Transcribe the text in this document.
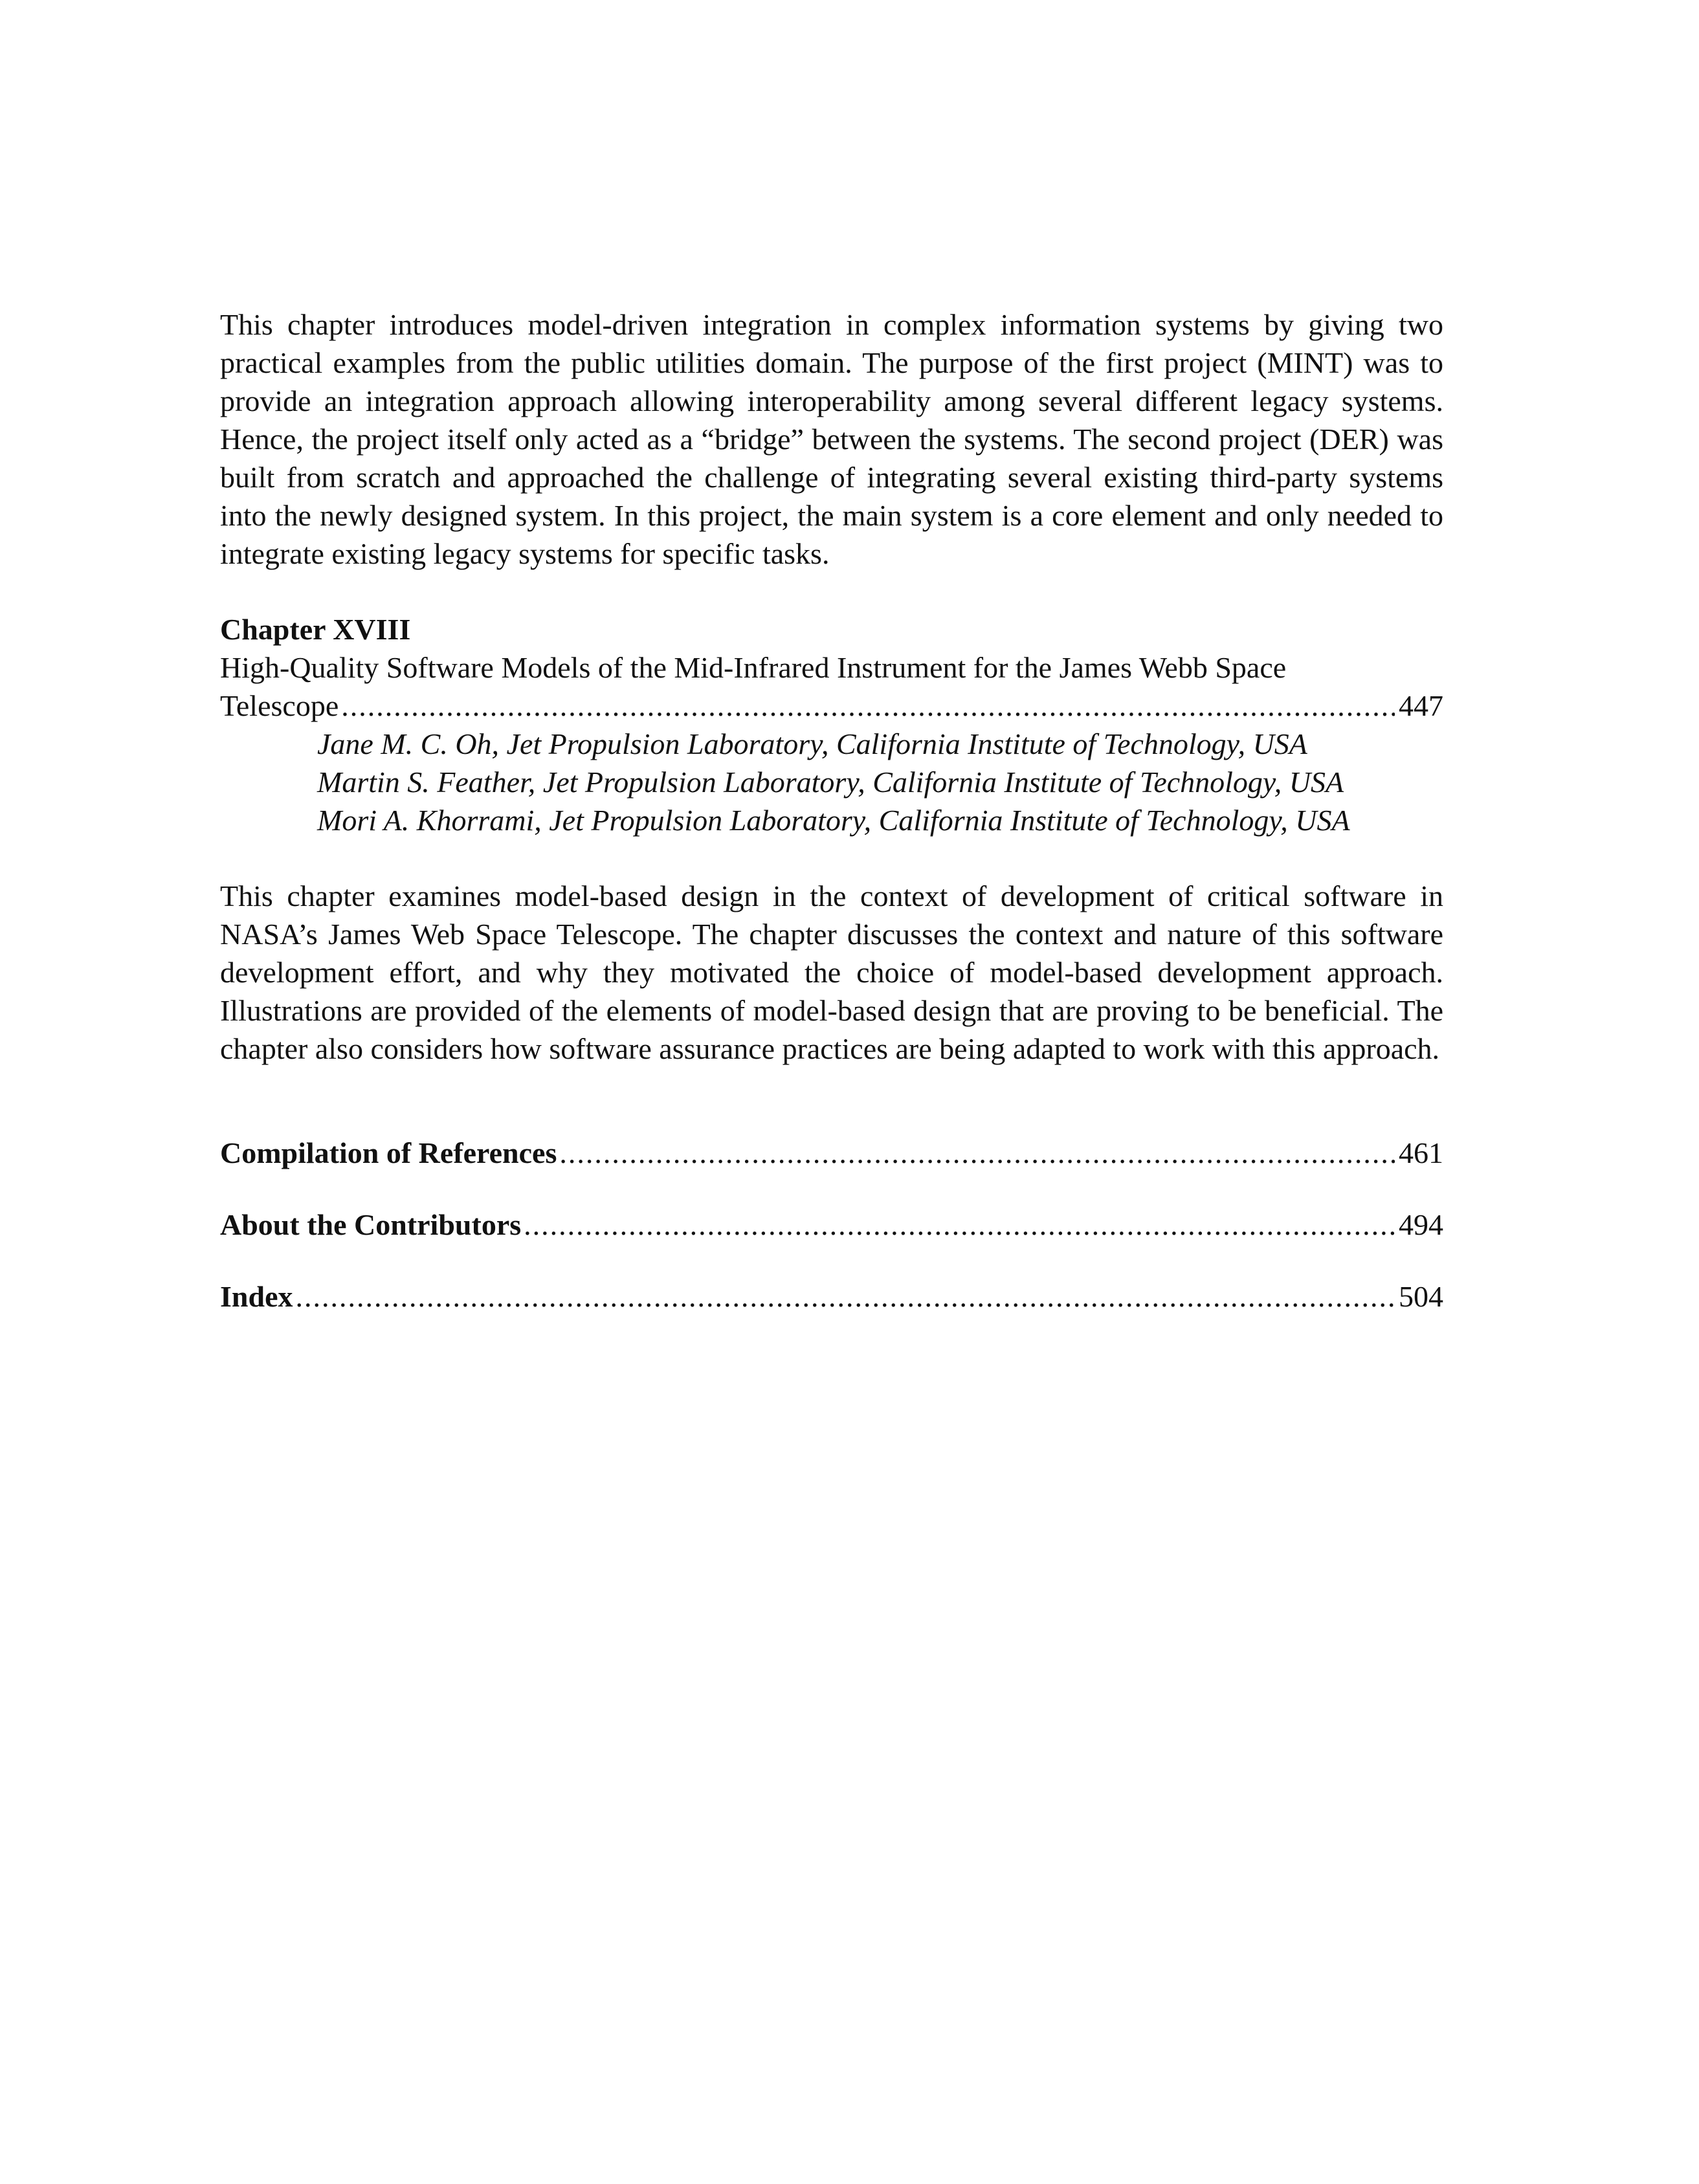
This chapter introduces model-driven integration in complex information systems by giving two practical examples from the public utilities domain. The purpose of the first project (MINT) was to provide an integration approach allowing interoperability among several different legacy systems. Hence, the project itself only acted as a “bridge” between the systems. The second project (DER) was built from scratch and approached the challenge of integrating several existing third-party systems into the newly designed system. In this project, the main system is a core element and only needed to integrate existing legacy systems for specific tasks.

Chapter XVIII

High-Quality Software Models of the Mid-Infrared Instrument for the James Webb Space

Telescope .....	447
Jane M. C. Oh, Jet Propulsion Laboratory, California Institute of Technology, USA
Martin S. Feather, Jet Propulsion Laboratory, California Institute of Technology, USA
Mori A. Khorrami, Jet Propulsion Laboratory, California Institute of Technology, USA

This chapter examines model-based design in the context of development of critical software in NASA’s James Web Space Telescope. The chapter discusses the context and nature of this software development effort, and why they motivated the choice of model-based development approach. Illustrations are provided of the elements of model-based design that are proving to be beneficial. The chapter also considers how software assurance practices are being adapted to work with this approach.

Compilation of References .....	461
About the Contributors .....	494
Index .....	504
